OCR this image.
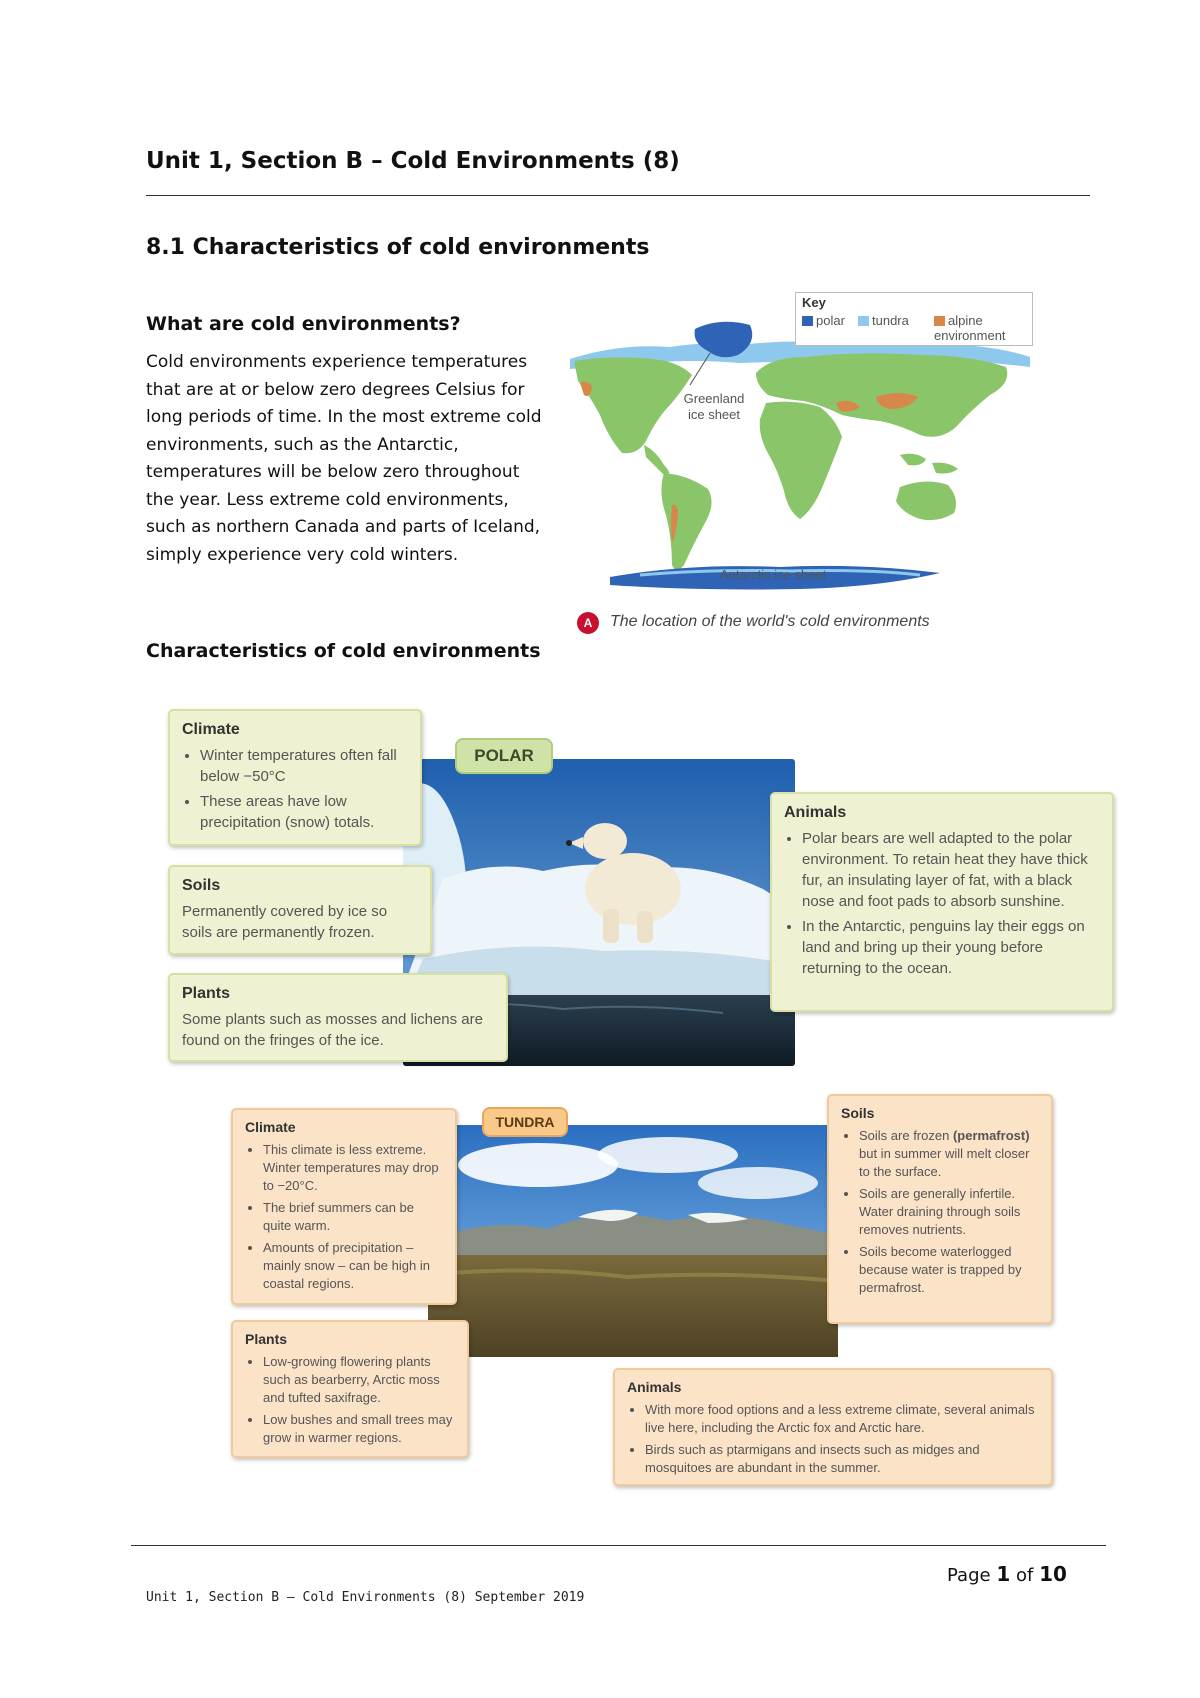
Unit 1, Section B – Cold Environments (8)
8.1 Characteristics of cold environments
What are cold environments?
Cold environments experience temperatures that are at or below zero degrees Celsius for long periods of time. In the most extreme cold environments, such as the Antarctic, temperatures will be below zero throughout the year. Less extreme cold environments, such as northern Canada and parts of Iceland, simply experience very cold winters.
Characteristics of cold environments
Greenland ice sheet
Antarctic ice sheet
Key
polar	tundra	alpine environment
A	The location of the world's cold environments
POLAR
Climate
• Winter temperatures often fall below −50°C
• These areas have low precipitation (snow) totals.
Soils

Permanently covered by ice so soils are permanently frozen.

Plants

Some plants such as mosses and lichens are found on the fringes of the ice.

Animals
• Polar bears are well adapted to the polar environment. To retain heat they have thick fur, an insulating layer of fat, with a black nose and foot pads to absorb sunshine.
• In the Antarctic, penguins lay their eggs on land and bring up their young before returning to the ocean.
TUNDRA
Climate
• This climate is less extreme. Winter temperatures may drop to −20°C.
• The brief summers can be quite warm.
• Amounts of precipitation – mainly snow – can be high in coastal regions.
Plants
• Low-growing flowering plants such as bearberry, Arctic moss and tufted saxifrage.
• Low bushes and small trees may grow in warmer regions.
Soils
• Soils are frozen (permafrost) but in summer will melt closer to the surface.
• Soils are generally infertile. Water draining through soils removes nutrients.
• Soils become waterlogged because water is trapped by permafrost.
Animals
• With more food options and a less extreme climate, several animals live here, including the Arctic fox and Arctic hare.
• Birds such as ptarmigans and insects such as midges and mosquitoes are abundant in the summer.
Page 1 of 10
Unit 1, Section B – Cold Environments (8) September 2019
